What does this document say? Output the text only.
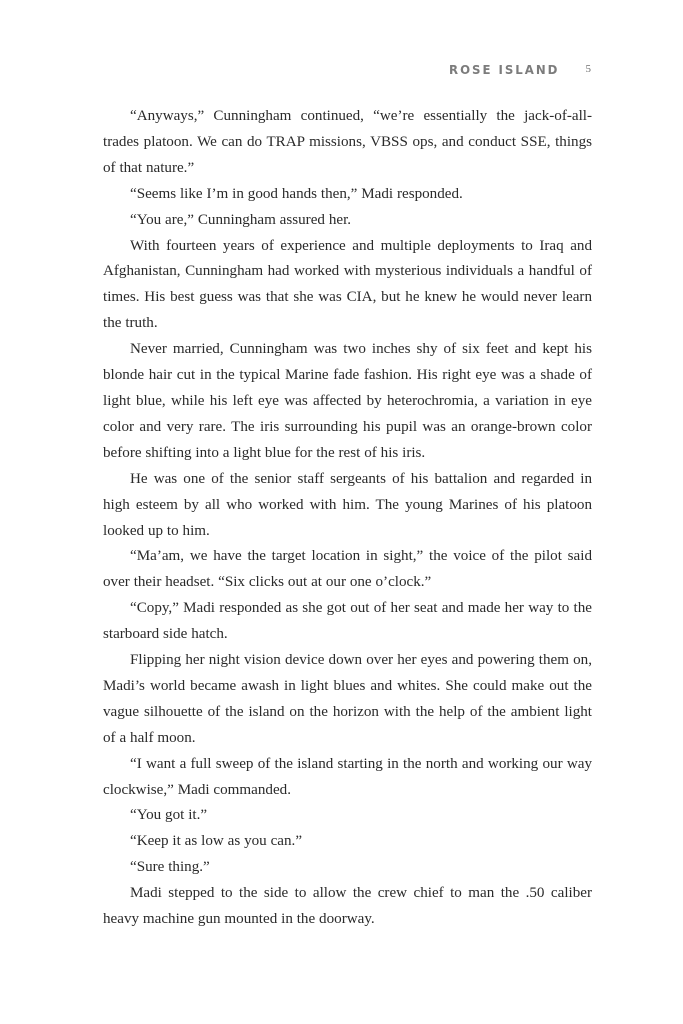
ROSE ISLAND	5

“Anyways,” Cunningham continued, “we’re essentially the jack-of-all-trades platoon. We can do TRAP missions, VBSS ops, and conduct SSE, things of that nature.”

“Seems like I’m in good hands then,” Madi responded.

“You are,” Cunningham assured her.

With fourteen years of experience and multiple deployments to Iraq and Afghanistan, Cunningham had worked with mysterious individuals a handful of times. His best guess was that she was CIA, but he knew he would never learn the truth.

Never married, Cunningham was two inches shy of six feet and kept his blonde hair cut in the typical Marine fade fashion. His right eye was a shade of light blue, while his left eye was affected by heterochromia, a variation in eye color and very rare. The iris surrounding his pupil was an orange-brown color before shifting into a light blue for the rest of his iris.

He was one of the senior staff sergeants of his battalion and regarded in high esteem by all who worked with him. The young Marines of his platoon looked up to him.

“Ma’am, we have the target location in sight,” the voice of the pilot said over their headset. “Six clicks out at our one o’clock.”

“Copy,” Madi responded as she got out of her seat and made her way to the starboard side hatch.

Flipping her night vision device down over her eyes and powering them on, Madi’s world became awash in light blues and whites. She could make out the vague silhouette of the island on the horizon with the help of the ambient light of a half moon.

“I want a full sweep of the island starting in the north and working our way clockwise,” Madi commanded.

“You got it.”

“Keep it as low as you can.”

“Sure thing.”

Madi stepped to the side to allow the crew chief to man the .50 caliber heavy machine gun mounted in the doorway.
